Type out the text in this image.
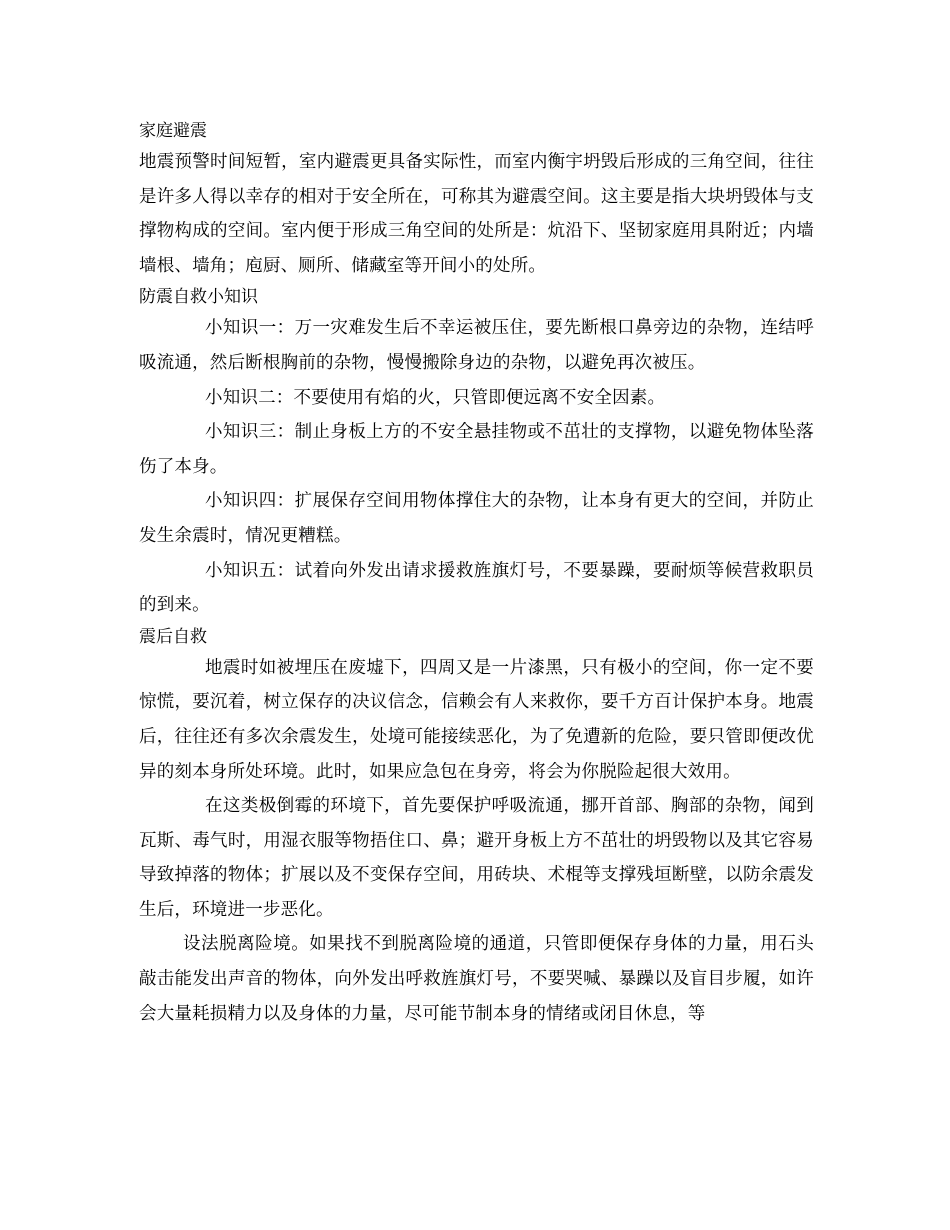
家庭避震

地震预警时间短暂，室内避震更具备实际性，而室内衡宇坍毁后形成的三角空间，往往是许多人得以幸存的相对于安全所在，可称其为避震空间。这主要是指大块坍毁体与支撑物构成的空间。室内便于形成三角空间的处所是：炕沿下、坚韧家庭用具附近；内墙墙根、墙角；庖厨、厕所、储藏室等开间小的处所。

防震自救小知识

小知识一：万一灾难发生后不幸运被压住，要先断根口鼻旁边的杂物，连结呼吸流通，然后断根胸前的杂物，慢慢搬除身边的杂物，以避免再次被压。

小知识二：不要使用有焰的火，只管即便远离不安全因素。

小知识三：制止身板上方的不安全悬挂物或不茁壮的支撑物，以避免物体坠落伤了本身。

小知识四：扩展保存空间用物体撑住大的杂物，让本身有更大的空间，并防止发生余震时，情况更糟糕。

小知识五：试着向外发出请求援救旌旗灯号，不要暴躁，要耐烦等候营救职员的到来。

震后自救

地震时如被埋压在废墟下，四周又是一片漆黑，只有极小的空间，你一定不要惊慌，要沉着，树立保存的决议信念，信赖会有人来救你，要千方百计保护本身。地震后，往往还有多次余震发生，处境可能接续恶化，为了免遭新的危险，要只管即便改优异的刻本身所处环境。此时，如果应急包在身旁，将会为你脱险起很大效用。

在这类极倒霉的环境下，首先要保护呼吸流通，挪开首部、胸部的杂物，闻到瓦斯、毒气时，用湿衣服等物捂住口、鼻；避开身板上方不茁壮的坍毁物以及其它容易导致掉落的物体；扩展以及不变保存空间，用砖块、术棍等支撑残垣断壁，以防余震发生后，环境进一步恶化。

设法脱离险境。如果找不到脱离险境的通道，只管即便保存身体的力量，用石头敲击能发出声音的物体，向外发出呼救旌旗灯号，不要哭喊、暴躁以及盲目步履，如许会大量耗损精力以及身体的力量，尽可能节制本身的情绪或闭目休息，等
